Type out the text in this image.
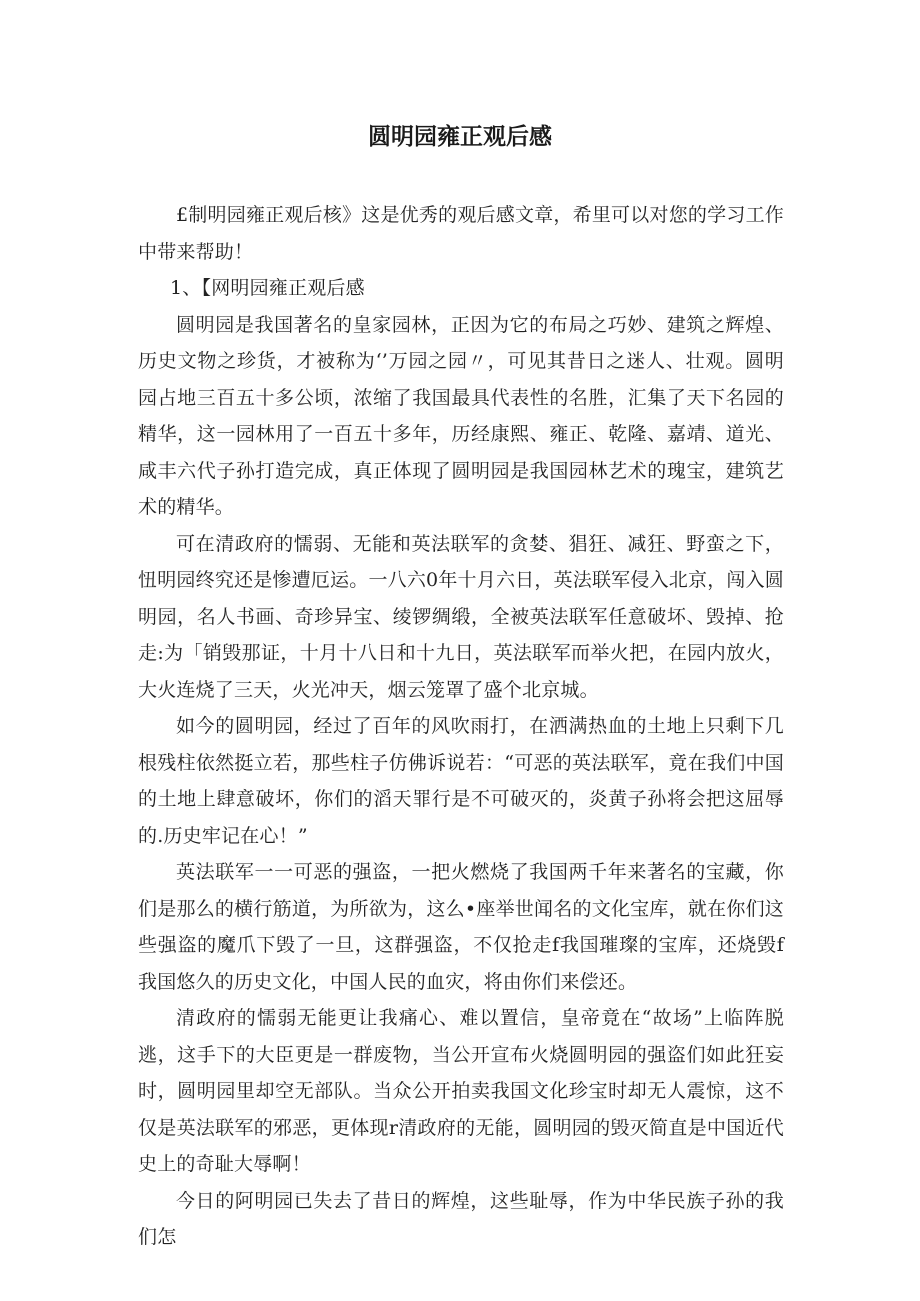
圆明园雍正观后感

£制明园雍正观后核》这是优秀的观后感文章，希里可以对您的学习工作中带来帮助！

1、【网明园雍正观后感

圆明园是我国著名的皇家园林，正因为它的布局之巧妙、建筑之辉煌、历史文物之珍货，才被称为‘’万园之园〃，可见其昔日之迷人、壮观。圆明园占地三百五十多公顷，浓缩了我国最具代表性的名胜，汇集了天下名园的精华，这一园林用了一百五十多年，历经康熙、雍正、乾隆、嘉靖、道光、咸丰六代子孙打造完成，真正体现了圆明园是我国园林艺术的瑰宝，建筑艺术的精华。

可在清政府的懦弱、无能和英法联军的贪婪、猖狂、减狂、野蛮之下，忸明园终究还是惨遭厄运。一八六0年十月六日，英法联军侵入北京，闯入圆明园，名人书画、奇珍异宝、绫锣绸缎，全被英法联军任意破坏、毁掉、抢走:为「销毁那证，十月十八日和十九日，英法联军而举火把，在园内放火，大火连烧了三天，火光冲天，烟云笼罩了盛个北京城。

如今的圆明园，经过了百年的风吹雨打，在洒满热血的土地上只剩下几根残柱依然挺立若，那些柱子仿佛诉说若：“可恶的英法联军，竟在我们中国的土地上肆意破坏，你们的滔天罪行是不可破灭的，炎黄子孙将会把这屈辱的.历史牢记在心！”

英法联军一一可恶的强盗，一把火燃烧了我国两千年来著名的宝藏，你们是那么的横行筋道，为所欲为，这么•座举世闻名的文化宝库，就在你们这些强盗的魔爪下毁了一旦，这群强盗，不仅抢走f我国璀璨的宝库，还烧毁f我国悠久的历史文化，中国人民的血灾，将由你们来偿还。

清政府的懦弱无能更让我痛心、难以置信，皇帝竟在“故场”上临阵脱逃，这手下的大臣更是一群废物，当公开宣布火烧圆明园的强盗们如此狂妄时，圆明园里却空无部队。当众公开拍卖我国文化珍宝时却无人震惊，这不仅是英法联军的邪恶，更体现r清政府的无能，圆明园的毁灭简直是中国近代史上的奇耻大辱啊！

今日的阿明园已失去了昔日的辉煌，这些耻辱，作为中华民族子孙的我们怎
